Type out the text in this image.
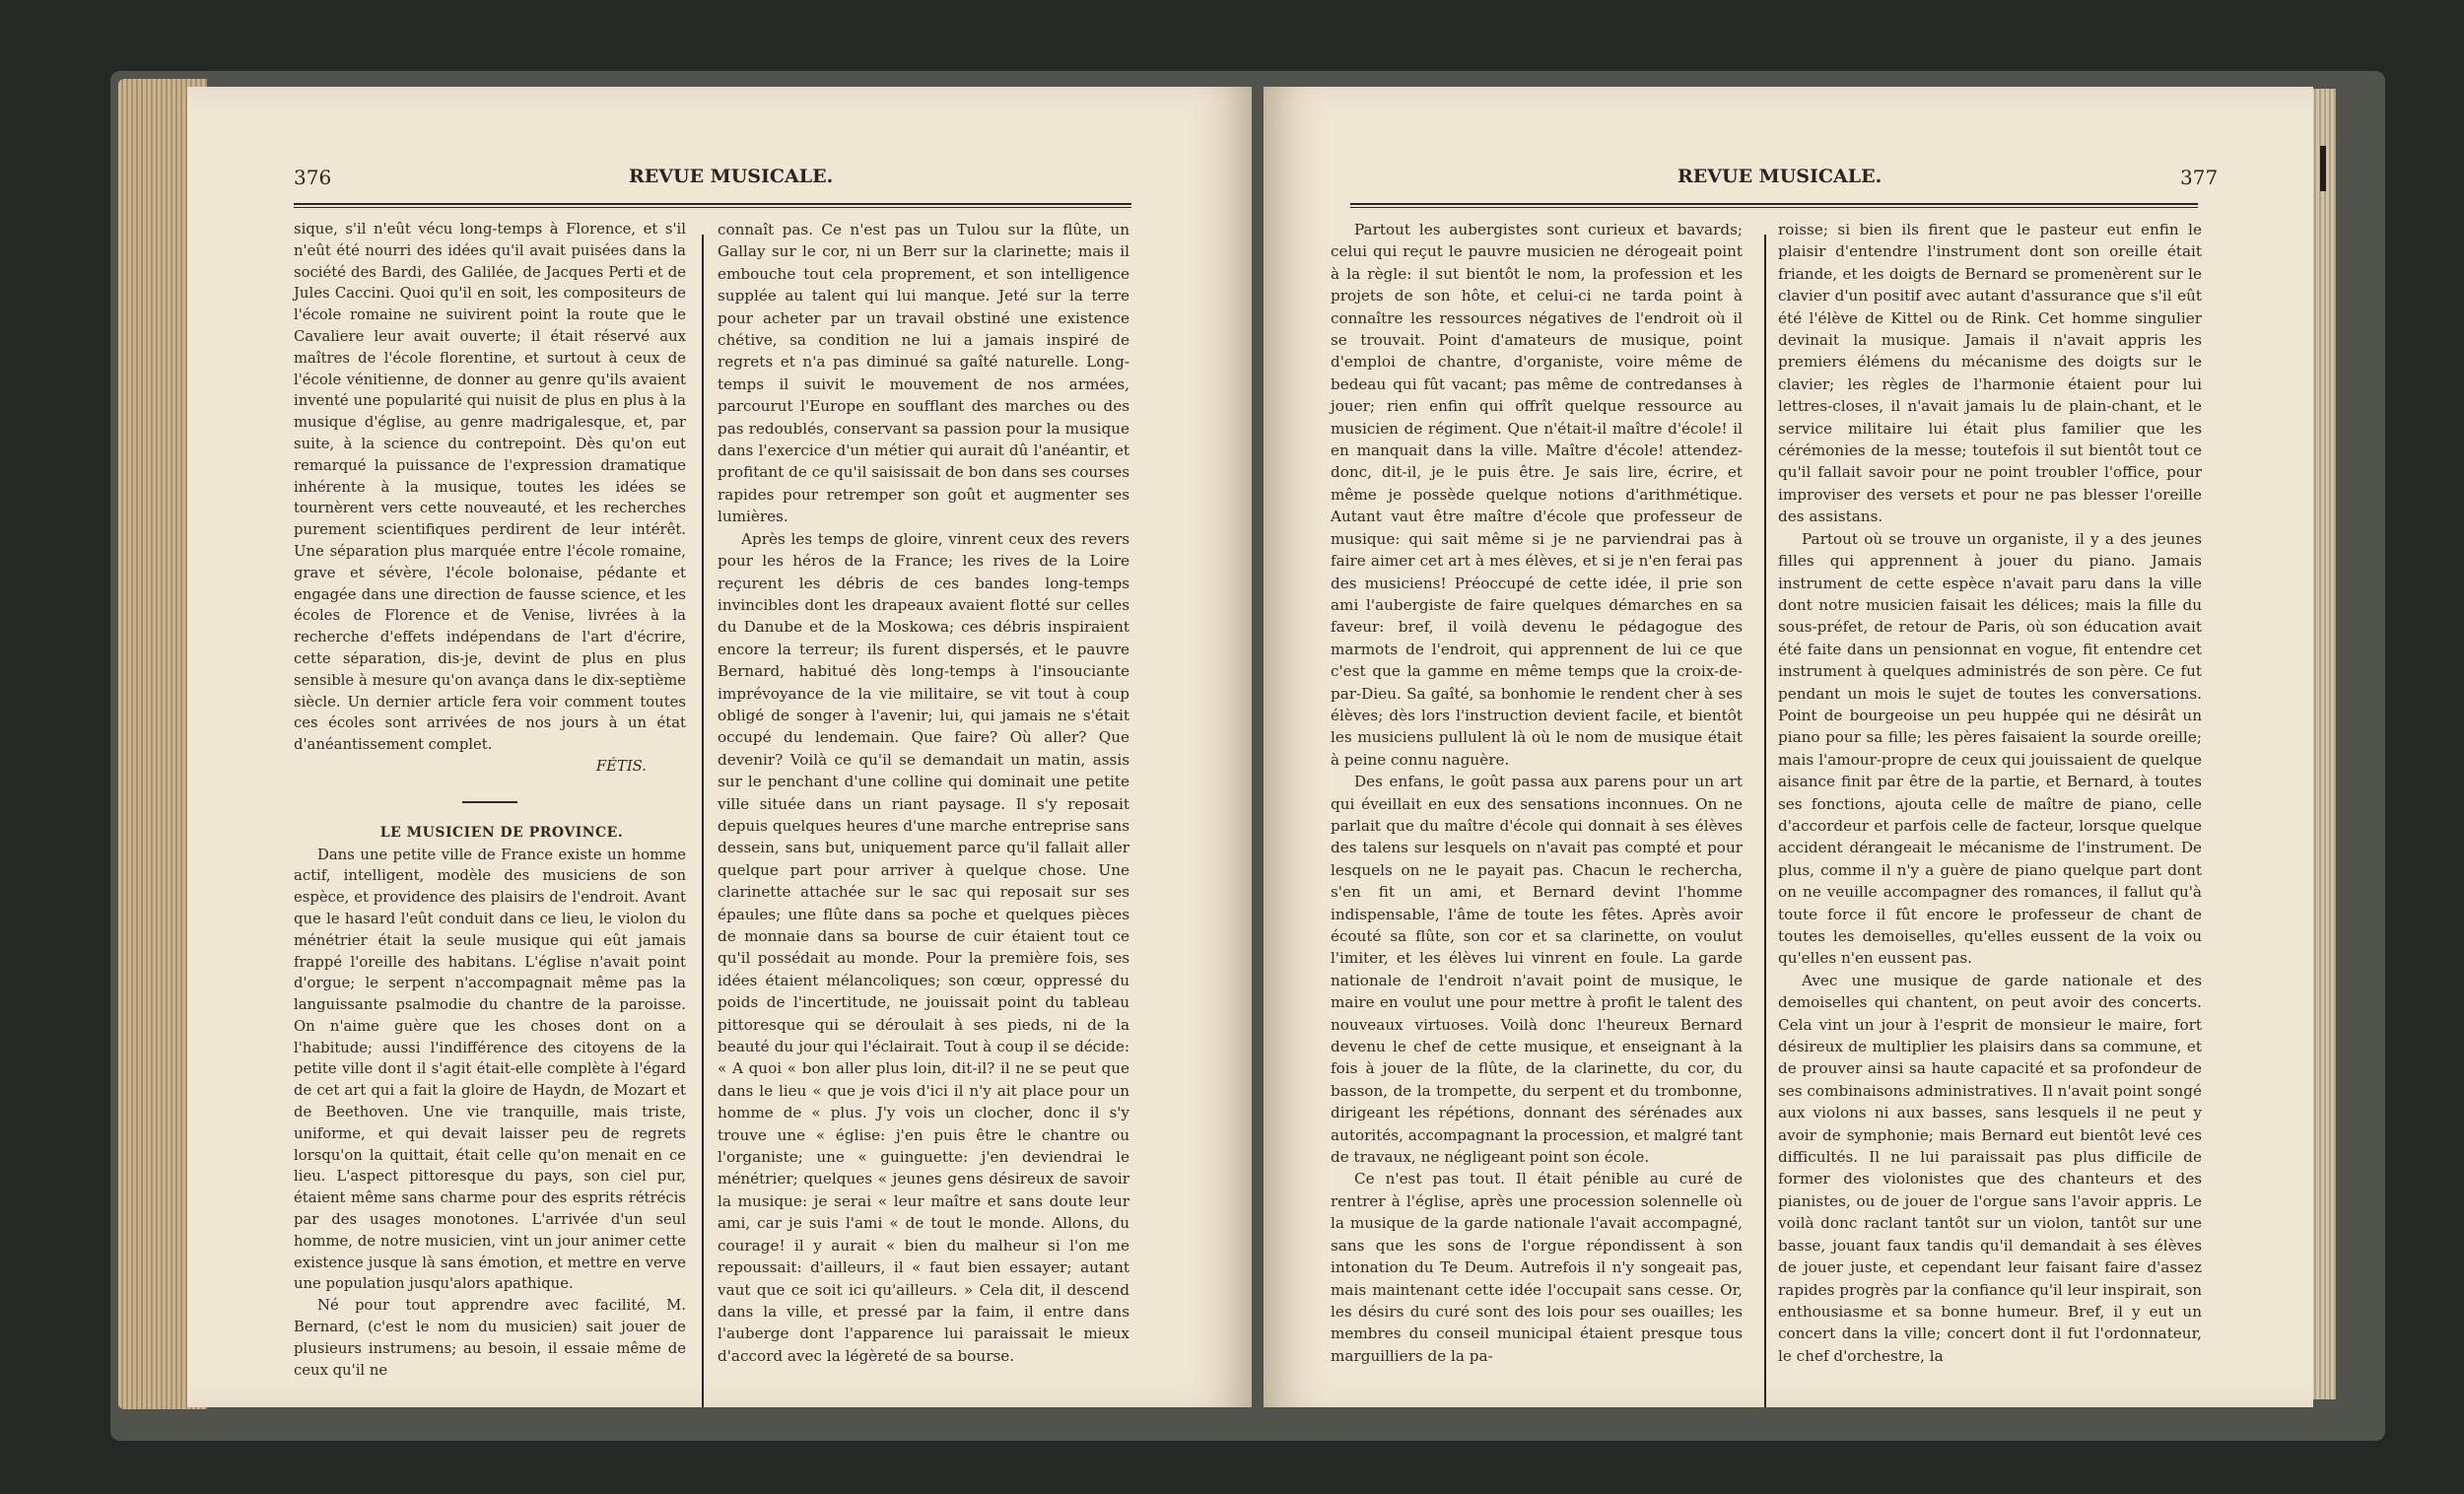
376	REVUE MUSICALE.

sique, s'il n'eût vécu long-temps à Florence, et s'il n'eût été nourri des idées qu'il avait puisées dans la société des Bardi, des Galilée, de Jacques Perti et de Jules Caccini. Quoi qu'il en soit, les compositeurs de l'école romaine ne suivirent point la route que le Cavaliere leur avait ouverte; il était réservé aux maîtres de l'école florentine, et surtout à ceux de l'école vénitienne, de donner au genre qu'ils avaient inventé une popularité qui nuisit de plus en plus à la musique d'église, au genre madrigalesque, et, par suite, à la science du contrepoint. Dès qu'on eut remarqué la puissance de l'expression dramatique inhérente à la musique, toutes les idées se tournèrent vers cette nouveauté, et les recherches purement scientifiques perdirent de leur intérêt. Une séparation plus marquée entre l'école romaine, grave et sévère, l'école bolonaise, pédante et engagée dans une direction de fausse science, et les écoles de Florence et de Venise, livrées à la recherche d'effets indépendans de l'art d'écrire, cette séparation, dis-je, devint de plus en plus sensible à mesure qu'on avança dans le dix-septième siècle. Un dernier article fera voir comment toutes ces écoles sont arrivées de nos jours à un état d'anéantissement complet.

FÉTIS.

LE MUSICIEN DE PROVINCE.

Dans une petite ville de France existe un homme actif, intelligent, modèle des musiciens de son espèce, et providence des plaisirs de l'endroit. Avant que le hasard l'eût conduit dans ce lieu, le violon du ménétrier était la seule musique qui eût jamais frappé l'oreille des habitans. L'église n'avait point d'orgue; le serpent n'accompagnait même pas la languissante psalmodie du chantre de la paroisse. On n'aime guère que les choses dont on a l'habitude; aussi l'indifférence des citoyens de la petite ville dont il s'agit était-elle complète à l'égard de cet art qui a fait la gloire de Haydn, de Mozart et de Beethoven. Une vie tranquille, mais triste, uniforme, et qui devait laisser peu de regrets lorsqu'on la quittait, était celle qu'on menait en ce lieu. L'aspect pittoresque du pays, son ciel pur, étaient même sans charme pour des esprits rétrécis par des usages monotones. L'arrivée d'un seul homme, de notre musicien, vint un jour animer cette existence jusque là sans émotion, et mettre en verve une population jusqu'alors apathique.

Né pour tout apprendre avec facilité, M. Bernard, (c'est le nom du musicien) sait jouer de plusieurs instrumens; au besoin, il essaie même de ceux qu'il ne

connaît pas. Ce n'est pas un Tulou sur la flûte, un Gallay sur le cor, ni un Berr sur la clarinette; mais il embouche tout cela proprement, et son intelligence supplée au talent qui lui manque. Jeté sur la terre pour acheter par un travail obstiné une existence chétive, sa condition ne lui a jamais inspiré de regrets et n'a pas diminué sa gaîté naturelle. Long-temps il suivit le mouvement de nos armées, parcourut l'Europe en soufflant des marches ou des pas redoublés, conservant sa passion pour la musique dans l'exercice d'un métier qui aurait dû l'anéantir, et profitant de ce qu'il saisissait de bon dans ses courses rapides pour retremper son goût et augmenter ses lumières.

Après les temps de gloire, vinrent ceux des revers pour les héros de la France; les rives de la Loire reçurent les débris de ces bandes long-temps invincibles dont les drapeaux avaient flotté sur celles du Danube et de la Moskowa; ces débris inspiraient encore la terreur; ils furent dispersés, et le pauvre Bernard, habitué dès long-temps à l'insouciante imprévoyance de la vie militaire, se vit tout à coup obligé de songer à l'avenir; lui, qui jamais ne s'était occupé du lendemain. Que faire? Où aller? Que devenir? Voilà ce qu'il se demandait un matin, assis sur le penchant d'une colline qui dominait une petite ville située dans un riant paysage. Il s'y reposait depuis quelques heures d'une marche entreprise sans dessein, sans but, uniquement parce qu'il fallait aller quelque part pour arriver à quelque chose. Une clarinette attachée sur le sac qui reposait sur ses épaules; une flûte dans sa poche et quelques pièces de monnaie dans sa bourse de cuir étaient tout ce qu'il possédait au monde. Pour la première fois, ses idées étaient mélancoliques; son cœur, oppressé du poids de l'incertitude, ne jouissait point du tableau pittoresque qui se déroulait à ses pieds, ni de la beauté du jour qui l'éclairait. Tout à coup il se décide: « A quoi « bon aller plus loin, dit-il? il ne se peut que dans le lieu « que je vois d'ici il n'y ait place pour un homme de « plus. J'y vois un clocher, donc il s'y trouve une « église: j'en puis être le chantre ou l'organiste; une « guinguette: j'en deviendrai le ménétrier; quelques « jeunes gens désireux de savoir la musique: je serai « leur maître et sans doute leur ami, car je suis l'ami « de tout le monde. Allons, du courage! il y aurait « bien du malheur si l'on me repoussait: d'ailleurs, il « faut bien essayer; autant vaut que ce soit ici qu'ailleurs. » Cela dit, il descend dans la ville, et pressé par la faim, il entre dans l'auberge dont l'apparence lui paraissait le mieux d'accord avec la légèreté de sa bourse.

REVUE MUSICALE.	377

Partout les aubergistes sont curieux et bavards; celui qui reçut le pauvre musicien ne dérogeait point à la règle: il sut bientôt le nom, la profession et les projets de son hôte, et celui-ci ne tarda point à connaître les ressources négatives de l'endroit où il se trouvait. Point d'amateurs de musique, point d'emploi de chantre, d'organiste, voire même de bedeau qui fût vacant; pas même de contredanses à jouer; rien enfin qui offrît quelque ressource au musicien de régiment. Que n'était-il maître d'école! il en manquait dans la ville. Maître d'école! attendez-donc, dit-il, je le puis être. Je sais lire, écrire, et même je possède quelque notions d'arithmétique. Autant vaut être maître d'école que professeur de musique: qui sait même si je ne parviendrai pas à faire aimer cet art à mes élèves, et si je n'en ferai pas des musiciens! Préoccupé de cette idée, il prie son ami l'aubergiste de faire quelques démarches en sa faveur: bref, il voilà devenu le pédagogue des marmots de l'endroit, qui apprennent de lui ce que c'est que la gamme en même temps que la croix-de-par-Dieu. Sa gaîté, sa bonhomie le rendent cher à ses élèves; dès lors l'instruction devient facile, et bientôt les musiciens pullulent là où le nom de musique était à peine connu naguère.

Des enfans, le goût passa aux parens pour un art qui éveillait en eux des sensations inconnues. On ne parlait que du maître d'école qui donnait à ses élèves des talens sur lesquels on n'avait pas compté et pour lesquels on ne le payait pas. Chacun le rechercha, s'en fit un ami, et Bernard devint l'homme indispensable, l'âme de toute les fêtes. Après avoir écouté sa flûte, son cor et sa clarinette, on voulut l'imiter, et les élèves lui vinrent en foule. La garde nationale de l'endroit n'avait point de musique, le maire en voulut une pour mettre à profit le talent des nouveaux virtuoses. Voilà donc l'heureux Bernard devenu le chef de cette musique, et enseignant à la fois à jouer de la flûte, de la clarinette, du cor, du basson, de la trompette, du serpent et du trombonne, dirigeant les répétions, donnant des sérénades aux autorités, accompagnant la procession, et malgré tant de travaux, ne négligeant point son école.

Ce n'est pas tout. Il était pénible au curé de rentrer à l'église, après une procession solennelle où la musique de la garde nationale l'avait accompagné, sans que les sons de l'orgue répondissent à son intonation du Te Deum. Autrefois il n'y songeait pas, mais maintenant cette idée l'occupait sans cesse. Or, les désirs du curé sont des lois pour ses ouailles; les membres du conseil municipal étaient presque tous marguilliers de la pa-

roisse; si bien ils firent que le pasteur eut enfin le plaisir d'entendre l'instrument dont son oreille était friande, et les doigts de Bernard se promenèrent sur le clavier d'un positif avec autant d'assurance que s'il eût été l'élève de Kittel ou de Rink. Cet homme singulier devinait la musique. Jamais il n'avait appris les premiers élémens du mécanisme des doigts sur le clavier; les règles de l'harmonie étaient pour lui lettres-closes, il n'avait jamais lu de plain-chant, et le service militaire lui était plus familier que les cérémonies de la messe; toutefois il sut bientôt tout ce qu'il fallait savoir pour ne point troubler l'office, pour improviser des versets et pour ne pas blesser l'oreille des assistans.

Partout où se trouve un organiste, il y a des jeunes filles qui apprennent à jouer du piano. Jamais instrument de cette espèce n'avait paru dans la ville dont notre musicien faisait les délices; mais la fille du sous-préfet, de retour de Paris, où son éducation avait été faite dans un pensionnat en vogue, fit entendre cet instrument à quelques administrés de son père. Ce fut pendant un mois le sujet de toutes les conversations. Point de bourgeoise un peu huppée qui ne désirât un piano pour sa fille; les pères faisaient la sourde oreille; mais l'amour-propre de ceux qui jouissaient de quelque aisance finit par être de la partie, et Bernard, à toutes ses fonctions, ajouta celle de maître de piano, celle d'accordeur et parfois celle de facteur, lorsque quelque accident dérangeait le mécanisme de l'instrument. De plus, comme il n'y a guère de piano quelque part dont on ne veuille accompagner des romances, il fallut qu'à toute force il fût encore le professeur de chant de toutes les demoiselles, qu'elles eussent de la voix ou qu'elles n'en eussent pas.

Avec une musique de garde nationale et des demoiselles qui chantent, on peut avoir des concerts. Cela vint un jour à l'esprit de monsieur le maire, fort désireux de multiplier les plaisirs dans sa commune, et de prouver ainsi sa haute capacité et sa profondeur de ses combinaisons administratives. Il n'avait point songé aux violons ni aux basses, sans lesquels il ne peut y avoir de symphonie; mais Bernard eut bientôt levé ces difficultés. Il ne lui paraissait pas plus difficile de former des violonistes que des chanteurs et des pianistes, ou de jouer de l'orgue sans l'avoir appris. Le voilà donc raclant tantôt sur un violon, tantôt sur une basse, jouant faux tandis qu'il demandait à ses élèves de jouer juste, et cependant leur faisant faire d'assez rapides progrès par la confiance qu'il leur inspirait, son enthousiasme et sa bonne humeur. Bref, il y eut un concert dans la ville; concert dont il fut l'ordonnateur, le chef d'orchestre, la
